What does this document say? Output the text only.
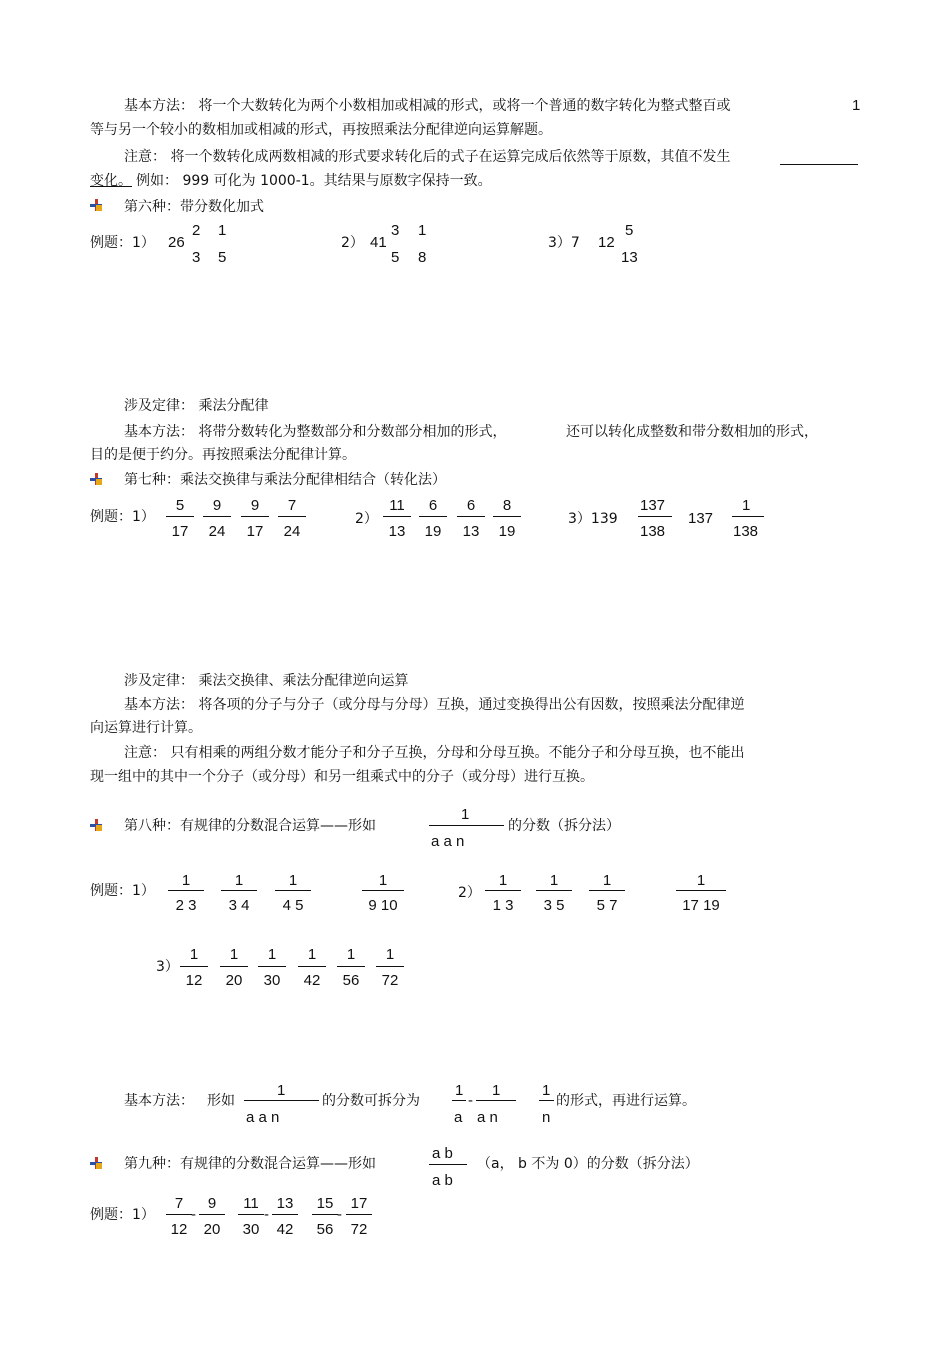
1
基本方法： 将一个大数转化为两个小数相加或相减的形式，或将一个普通的数字转化为整式整百或
等与另一个较小的数相加或相减的形式，再按照乘法分配律逆向运算解题。
注意： 将一个数转化成两数相减的形式要求转化后的式子在运算完成后依然等于原数，其值不发生
变化。 例如： 999 可化为 1000-1。其结果与原数字保持一致。
第六种：带分数化加式
例题：1） 26
2
3
1
5
2） 41
3
5
1
8
3）7 12
5
13
涉及定律： 乘法分配律
基本方法： 将带分数转化为整数部分和分数部分相加的形式，	还可以转化成整数和带分数相加的形式，
目的是便于约分。再按照乘法分配律计算。
第七种：乘法交换律与乘法分配律相结合（转化法）
例题：1）
5
17
9
24
9
17
7
24
2）
11
13
6
19
6
13
8
19
3）139
137
138
137
1
138
涉及定律： 乘法交换律、乘法分配律逆向运算
基本方法： 将各项的分子与分子（或分母与分母）互换，通过变换得出公有因数，按照乘法分配律逆
向运算进行计算。
注意： 只有相乘的两组分数才能分子和分子互换，分母和分母互换。不能分子和分母互换，也不能出
现一组中的其中一个分子（或分母）和另一组乘式中的分子（或分母）进行互换。
第八种：有规律的分数混合运算——形如
1
a a n
的分数（拆分法）
例题：1）
1
2 3
1
3 4
1
4 5
1
9 10
2）
1
1 3
1
3 5
1
5 7
1
17 19
3）
1
12
1
20
1
30
1
42
1
56
1
72
基本方法： 形如
1
a a n
的分数可拆分为
1
a
-
1
a n
1
n
的形式，再进行运算。
第九种：有规律的分数混合运算——形如
a b
a b
（a， b 不为 0）的分数（拆分法）
例题：1）
7
12
9
20
11
30
13
42
15
56
17
72
-	-	-
